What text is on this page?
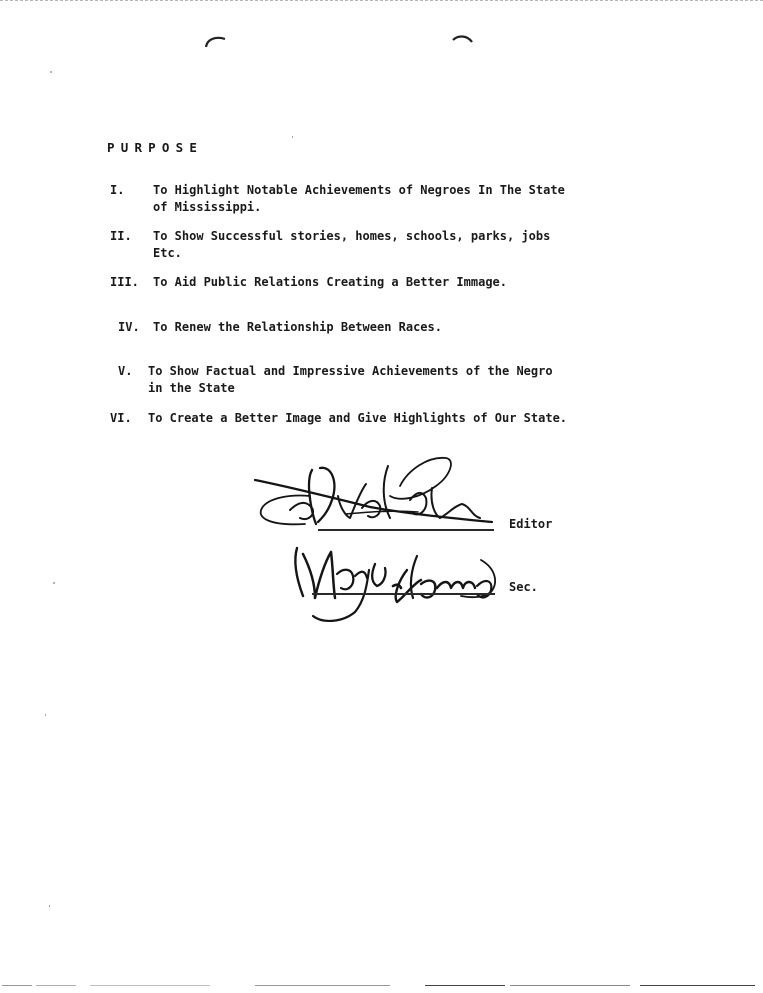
PURPOSE
I. To Highlight Notable Achievements of Negroes In The State
of Mississippi.
II. To Show Successful stories, homes, schools, parks, jobs
Etc.
III. To Aid Public Relations Creating a Better Immage.
IV. To Renew the Relationship Between Races.
V. To Show Factual and Impressive Achievements of the Negro
in the State
VI. To Create a Better Image and Give Highlights of Our State.
Editor
Sec.
